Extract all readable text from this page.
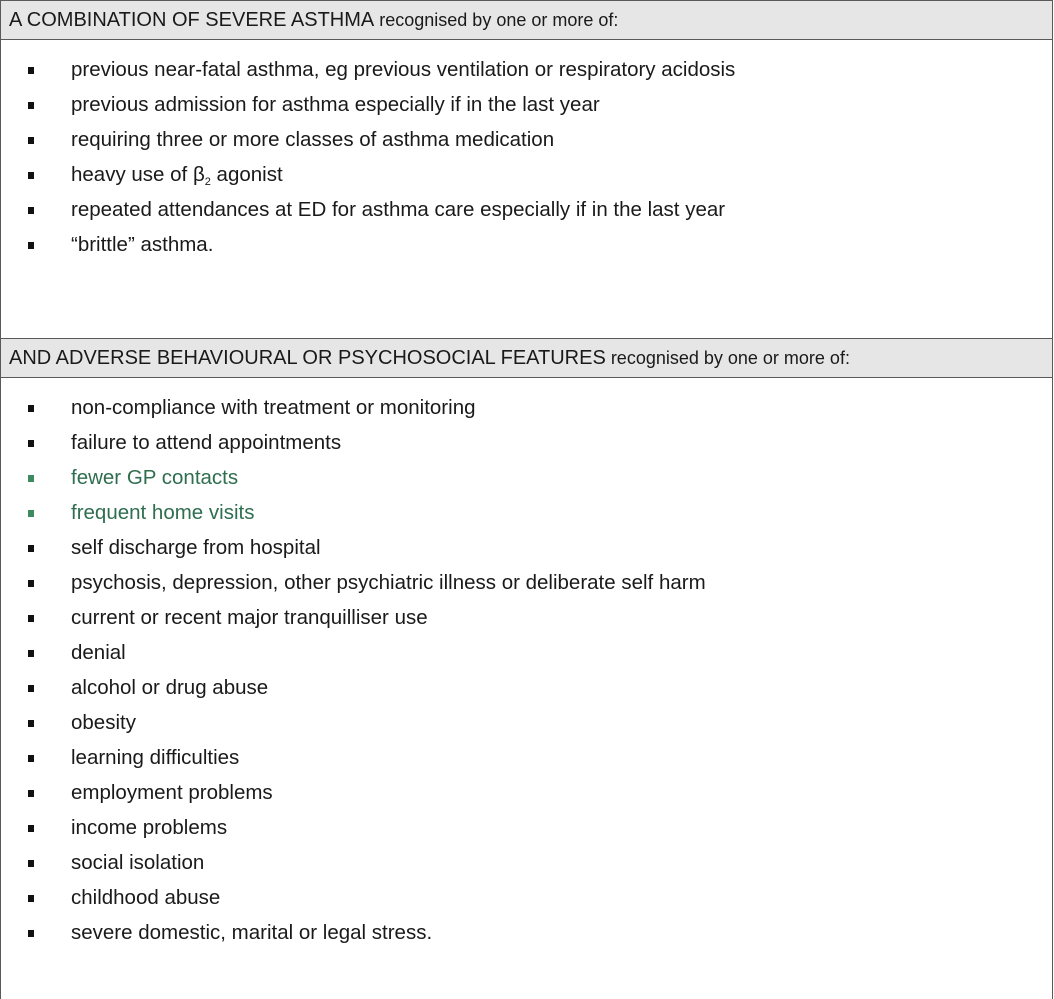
A COMBINATION OF SEVERE ASTHMA recognised by one or more of:
previous near-fatal asthma, eg previous ventilation or respiratory acidosis
previous admission for asthma especially if in the last year
requiring three or more classes of asthma medication
heavy use of $\beta_2$ agonist
repeated attendances at ED for asthma care especially if in the last year
“brittle” asthma.
AND ADVERSE BEHAVIOURAL OR PSYCHOSOCIAL FEATURES recognised by one or more of:
non-compliance with treatment or monitoring
failure to attend appointments
fewer GP contacts
frequent home visits
self discharge from hospital
psychosis, depression, other psychiatric illness or deliberate self harm
current or recent major tranquilliser use
denial
alcohol or drug abuse
obesity
learning difficulties
employment problems
income problems
social isolation
childhood abuse
severe domestic, marital or legal stress.
